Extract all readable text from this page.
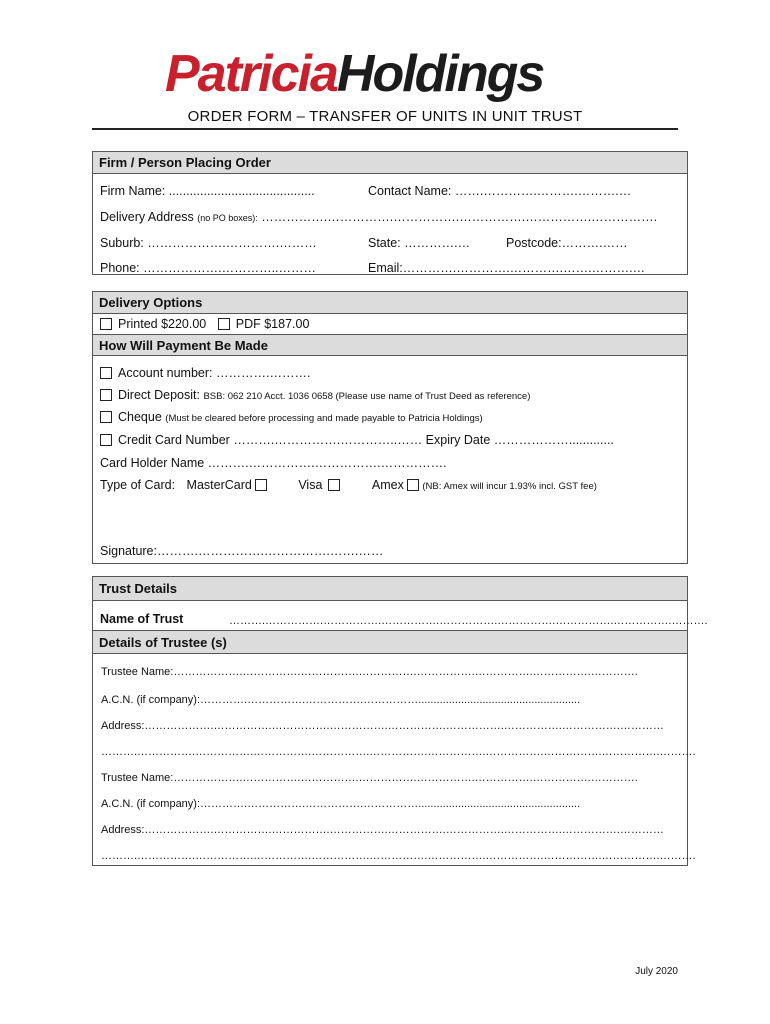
PatriciaHoldings
ORDER FORM – TRANSFER OF UNITS IN UNIT TRUST
Firm / Person Placing Order
Firm Name: ..........................................	Contact Name: …….………….……….……….…
Delivery Address (no PO boxes): …………….…………….…………….…………….…………….…………….
Suburb: ……………….………….………	State: ………….…	Postcode:……….……
Phone: ……………….…………..………	Email:………….………….………….…….……….…
Delivery Options
Printed $220.00 PDF $187.00
How Will Payment Be Made
Account number: ………….……….
Direct Deposit: BSB: 062 210 Acct. 1036 0658 (Please use name of Trust Deed as reference)
Cheque (Must be cleared before processing and made payable to Patricia Holdings)
Credit Card Number ……….…………….…………..…… Expiry Date ……………….............
Card Holder Name ……….…………….…………….…………….
Type of Card: MasterCard	Visa	Amex (NB: Amex will incur 1.93% incl. GST fee)
Signature:……….…………….…………….…….……
Trust Details
Name of Trust	……….…………….…………….…………….…………….…………….…………….…………….……….
Details of Trustee (s)
Trustee Name:……………….…………….…………….…………….…………….…………….…………….………….
A.C.N. (if company):………….…………….…………….…………….....................................................
Address:……………….…………….…………….…………….…………….…………….…………….…………….…………
……….…………….…………….…………….…………….…………….…………….…………….…………….…………….……….
Trustee Name:……………….…………….…………….…………….…………….…………….…………….………….
A.C.N. (if company):………….…………….…………….…………….....................................................
Address:……………….…………….…………….…………….…………….…………….…………….…………….…………
……….…………….…………….…………….…………….…………….…………….…………….…………….…………….……….
July 2020
